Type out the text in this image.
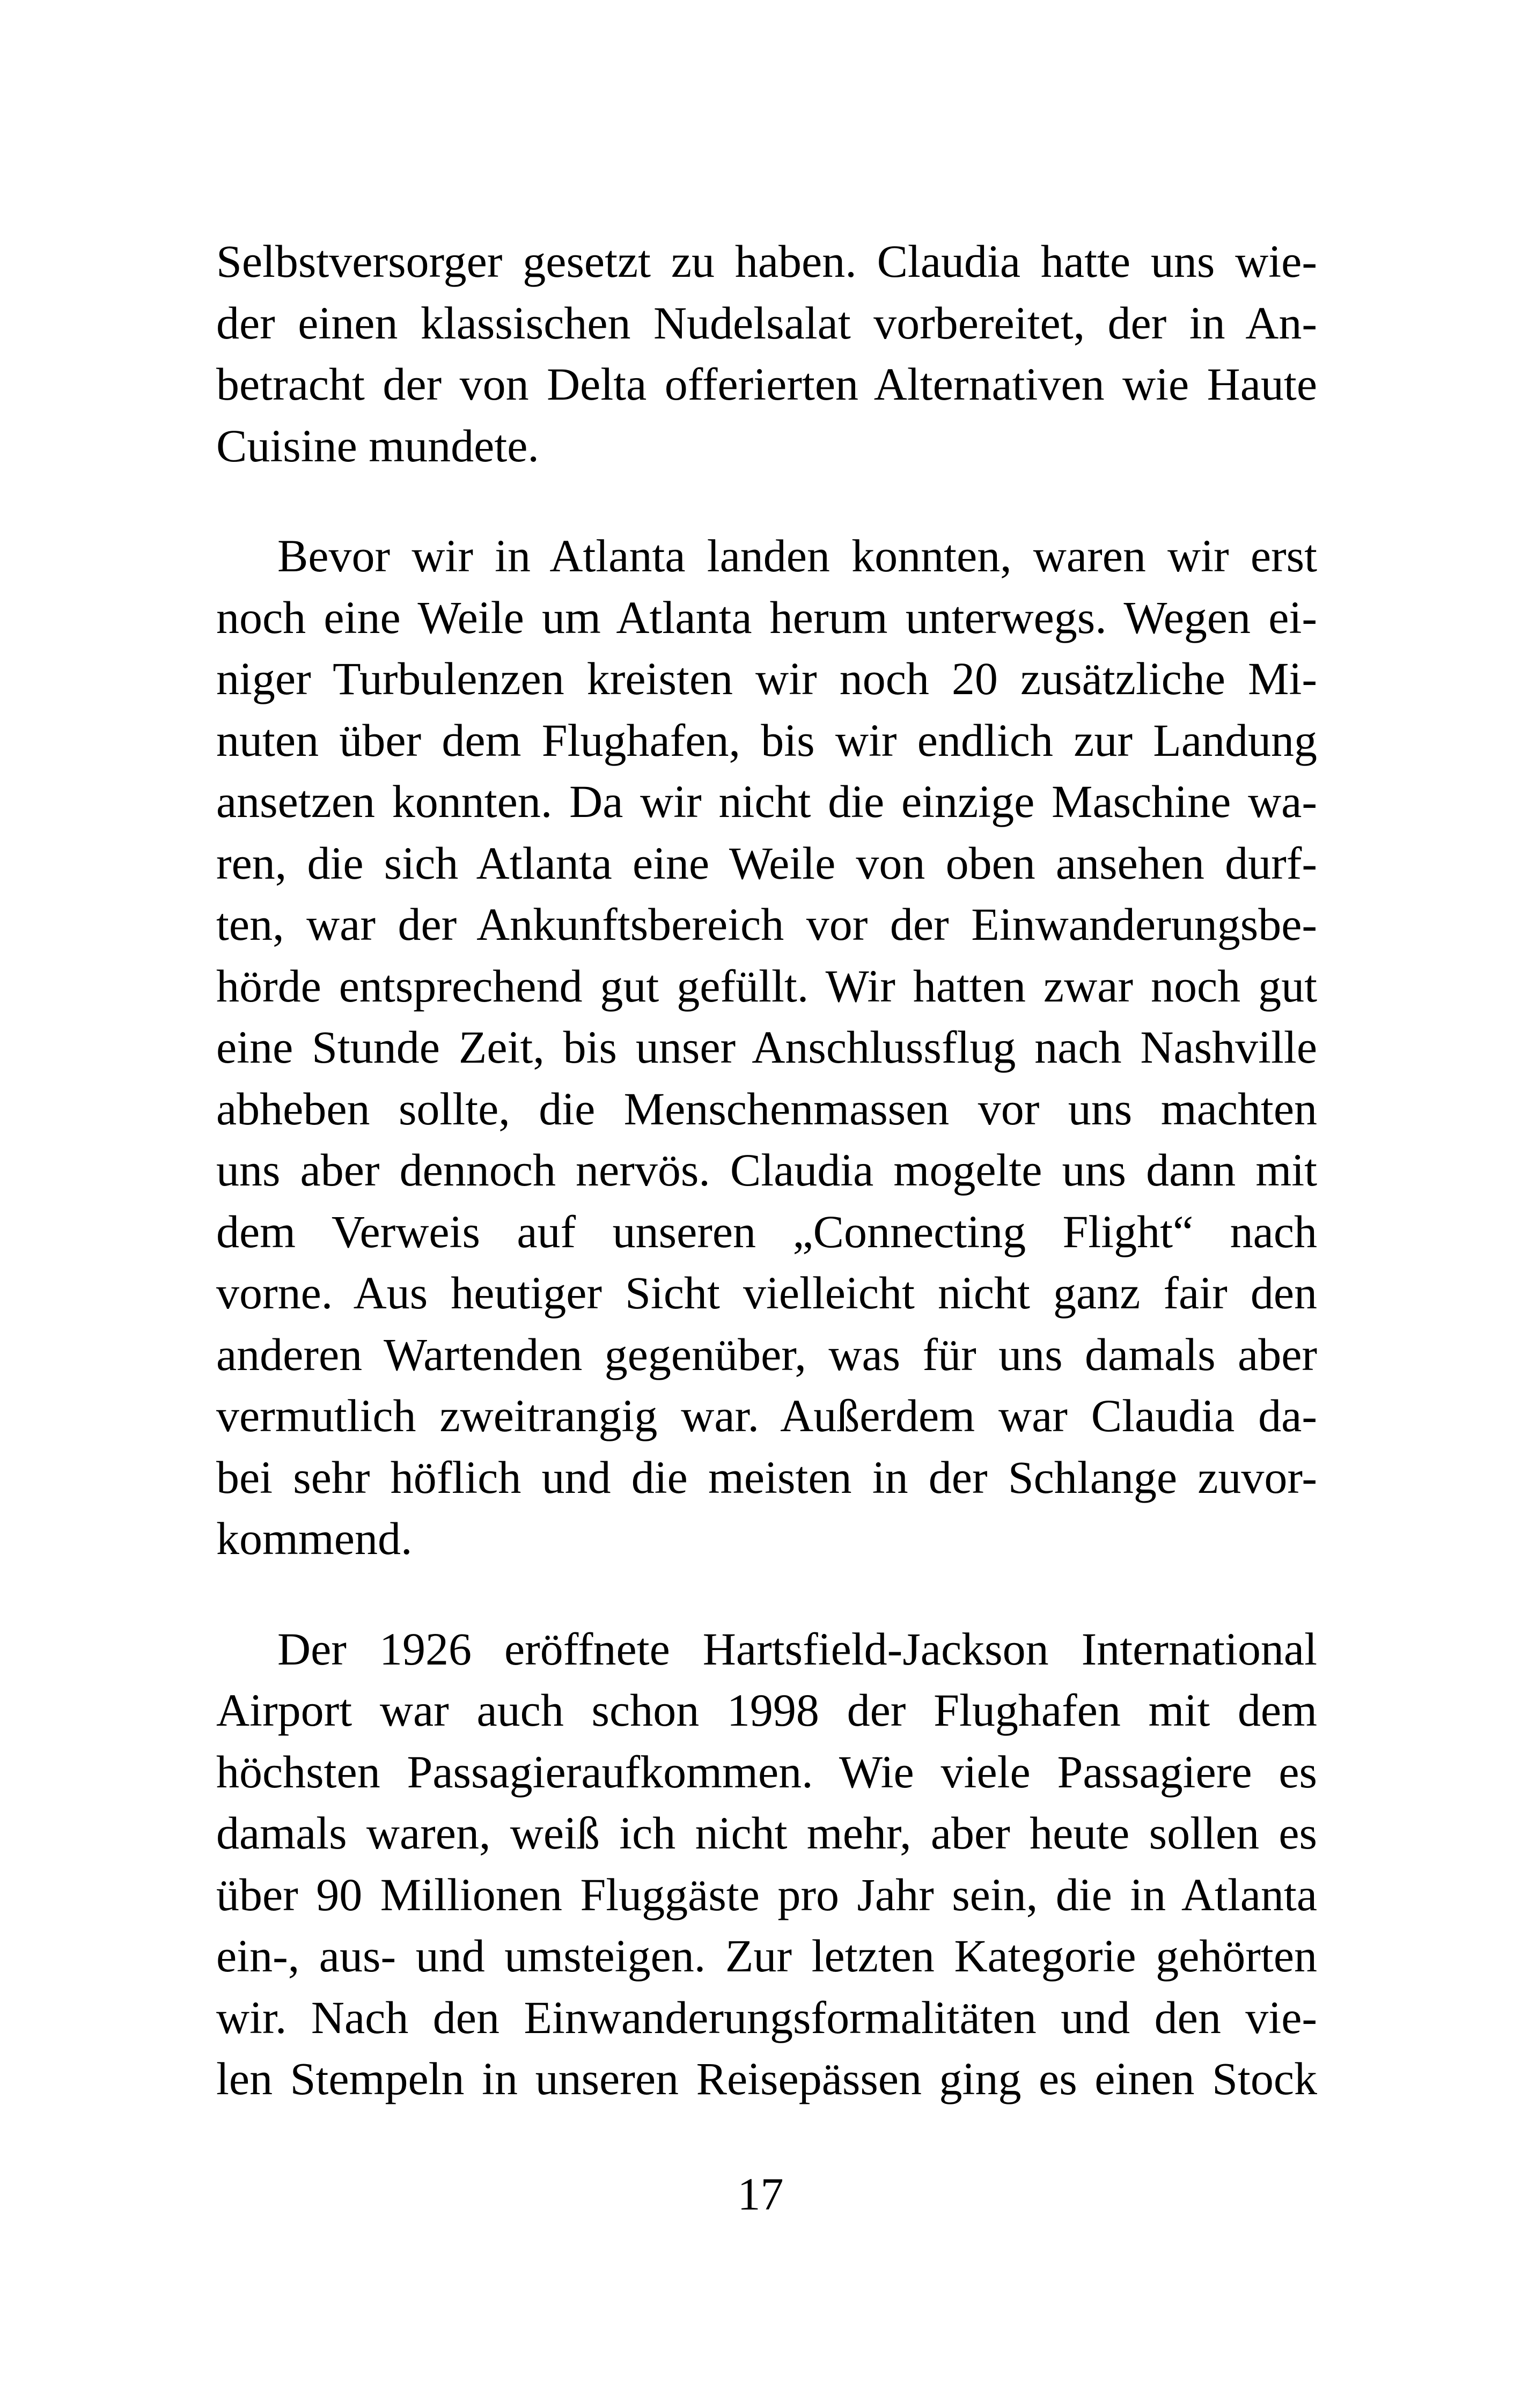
Selbstversorger gesetzt zu haben. Claudia hatte uns wie-
der einen klassischen Nudelsalat vorbereitet, der in An-
betracht der von Delta offerierten Alternativen wie Haute
Cuisine mundete.

Bevor wir in Atlanta landen konnten, waren wir erst
noch eine Weile um Atlanta herum unterwegs. Wegen ei-
niger Turbulenzen kreisten wir noch 20 zusätzliche Mi-
nuten über dem Flughafen, bis wir endlich zur Landung
ansetzen konnten. Da wir nicht die einzige Maschine wa-
ren, die sich Atlanta eine Weile von oben ansehen durf-
ten, war der Ankunftsbereich vor der Einwanderungsbe-
hörde entsprechend gut gefüllt. Wir hatten zwar noch gut
eine Stunde Zeit, bis unser Anschlussflug nach Nashville
abheben sollte, die Menschenmassen vor uns machten
uns aber dennoch nervös. Claudia mogelte uns dann mit
dem Verweis auf unseren „Connecting Flight“ nach
vorne. Aus heutiger Sicht vielleicht nicht ganz fair den
anderen Wartenden gegenüber, was für uns damals aber
vermutlich zweitrangig war. Außerdem war Claudia da-
bei sehr höflich und die meisten in der Schlange zuvor-
kommend.

Der 1926 eröffnete Hartsfield-Jackson International
Airport war auch schon 1998 der Flughafen mit dem
höchsten Passagieraufkommen. Wie viele Passagiere es
damals waren, weiß ich nicht mehr, aber heute sollen es
über 90 Millionen Fluggäste pro Jahr sein, die in Atlanta
ein-, aus- und umsteigen. Zur letzten Kategorie gehörten
wir. Nach den Einwanderungsformalitäten und den vie-
len Stempeln in unseren Reisepässen ging es einen Stock

17
